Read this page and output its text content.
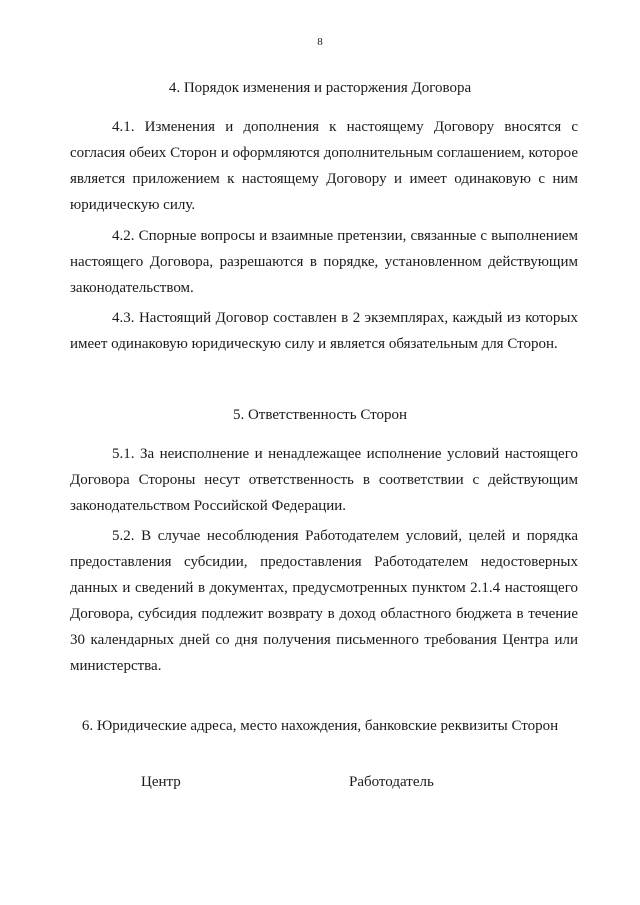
8
4. Порядок изменения и расторжения Договора

4.1. Изменения и дополнения к настоящему Договору вносятся с согласия обеих Сторон и оформляются дополнительным соглашением, которое является приложением к настоящему Договору и имеет одинаковую с ним юридическую силу.

4.2. Спорные вопросы и взаимные претензии, связанные с выполнением настоящего Договора, разрешаются в порядке, установленном действующим законодательством.

4.3. Настоящий Договор составлен в 2 экземплярах, каждый из которых имеет одинаковую юридическую силу и является обязательным для Сторон.

5. Ответственность Сторон

5.1. За неисполнение и ненадлежащее исполнение условий настоящего Договора Стороны несут ответственность в соответствии с действующим законодательством Российской Федерации.

5.2. В случае несоблюдения Работодателем условий, целей и порядка предоставления субсидии, предоставления Работодателем недостоверных данных и сведений в документах, предусмотренных пунктом 2.1.4 настоящего Договора, субсидия подлежит возврату в доход областного бюджета в течение 30 календарных дней со дня получения письменного требования Центра или министерства.

6. Юридические адреса, место нахождения, банковские реквизиты Сторон
Центр	Работодатель
